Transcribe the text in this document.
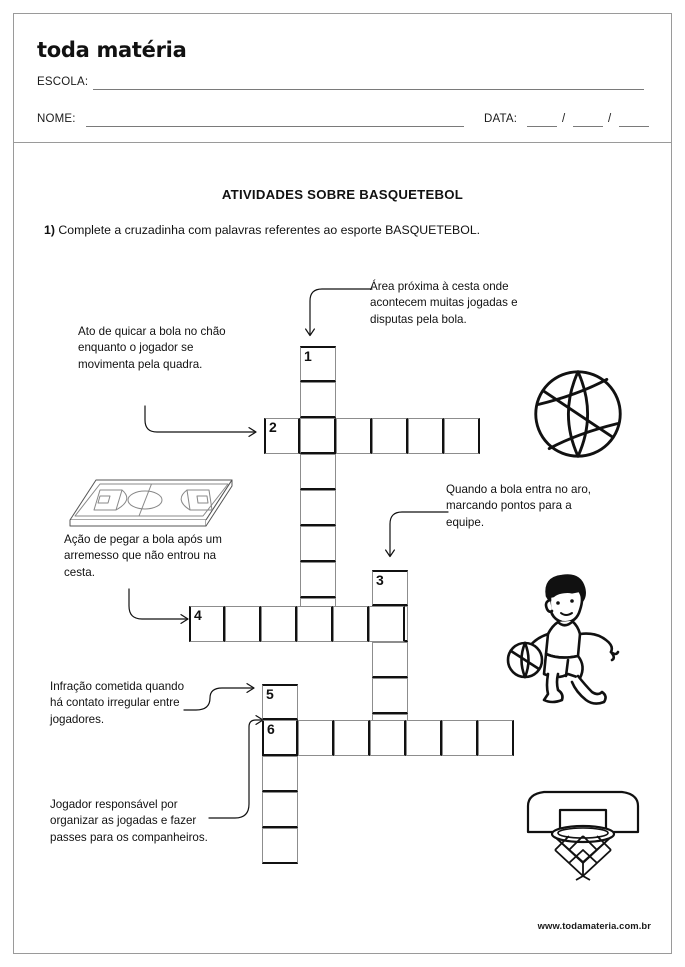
toda matéria
ESCOLA:
NOME:	DATA:	/	/
ATIVIDADES SOBRE BASQUETEBOL
1) Complete a cruzadinha com palavras referentes ao esporte BASQUETEBOL.
Área próxima à cesta onde acontecem muitas jogadas e disputas pela bola.
Ato de quicar a bola no chão enquanto o jogador se movimenta pela quadra.
Quando a bola entra no aro, marcando pontos para a equipe.
Ação de pegar a bola após um arremesso que não entrou na cesta.
Infração cometida quando há contato irregular entre jogadores.
Jogador responsável por organizar as jogadas e fazer passes para os companheiros.
1
2
3
4
5
6
www.todamateria.com.br
